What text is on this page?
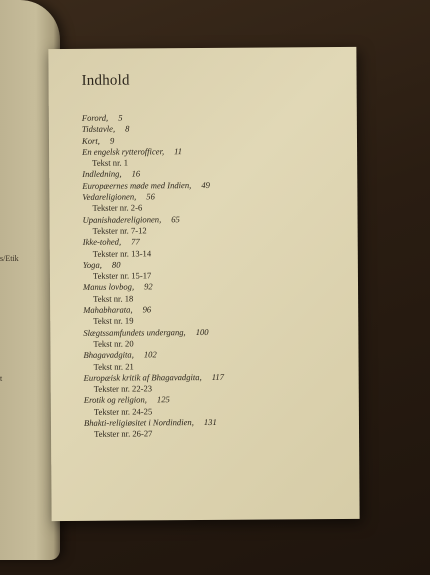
s/Etik
t
Indhold
Forord, 5
Tidstavle, 8
Kort, 9
En engelsk rytterofficer, 11
Tekst nr. 1
Indledning, 16
Europæernes møde med Indien, 49
Vedareligionen, 56
Tekster nr. 2-6
Upanishadereligionen, 65
Tekster nr. 7-12
Ikke-tohed, 77
Tekster nr. 13-14
Yoga, 80
Tekster nr. 15-17
Manus lovbog, 92
Tekst nr. 18
Mahabharata, 96
Tekst nr. 19
Slægtssamfundets undergang, 100
Tekst nr. 20
Bhagavadgita, 102
Tekst nr. 21
Europæisk kritik af Bhagavadgita, 117
Tekster nr. 22-23
Erotik og religion, 125
Tekster nr. 24-25
Bhakti-religiøsitet i Nordindien, 131
Tekster nr. 26-27
